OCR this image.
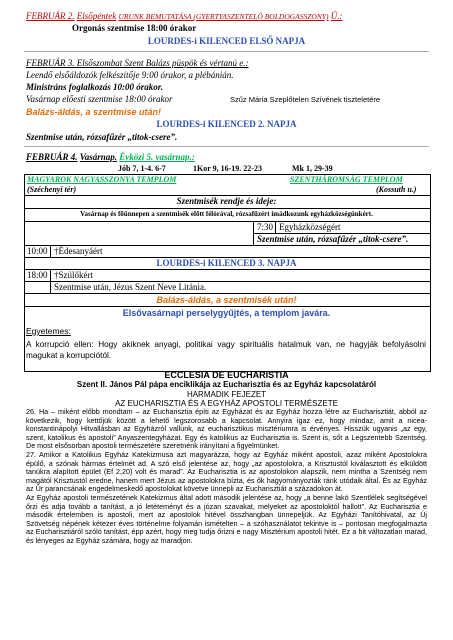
FEBRUÁR 2. Elsőpéntek URUNK BEMUTATÁSA (GYERTYASZENTELŐ BOLDOGASSZONY) Ü.:
Orgonás szentmise 18:00 órakor
LOURDES-i KILENCED ELSŐ NAPJA
FEBRUÁR 3. Elsőszombat Szent Balázs püspök és vértanú e.:
Leendő elsőáldozók felkészítője 9:00 órakor, a plébánián.
Ministráns foglalkozás 10:00 órakor.
Vasárnap előesti szentmise 18:00 órakor	Szűz Mária Szeplőtelen Szívének tiszteletére
Balázs-áldás, a szentmise után!
LOURDES-i KILENCED 2. NAPJA
Szentmise után, rózsafűzér „titok-csere”.
FEBRUÁR 4. Vasárnap. Évközi 5. vasárnap.:
Jób 7, 1-4. 6-7	1Kor 9, 16-19. 22-23	Mk 1, 29-39
MAGYAROK NAGYASSZONYA TEMPLOM	SZENTHÁROMSÁG TEMPLOM
(Széchenyi tér)	(Kossuth u.)
Szentmisék rendje és ideje:
Vasárnap és főünnepen a szentmisék előtt félórával, rózsafűzért imádkozunk egyházközségünkért.
7:30 Egyházközségért
Szentmise után, rózsafűzér „titok-csere”.
10:00 †Édesanyáért
LOURDES-i KILENCED 3. NAPJA
18:00 †Szülőkért
Szentmise után, Jézus Szent Neve Litánia.
Balázs-áldás, a szentmisék után!
Elsővasárnapi perselygyűjtés, a templom javára.
Egyetemes:
A korrupció ellen: Hogy akiknek anyagi, politikai vagy spirituális hatalmuk van, ne hagyják befolyásolni magukat a korrupciótól.
ECCLESIA DE EUCHARISTIA
Szent II. János Pál pápa enciklikája az Eucharisztia és az Egyház kapcsolatáról
HARMADIK FEJEZET
AZ EUCHARISZTIA ÉS A EGYHÁZ APOSTOLI TERMÉSZETE

26. Ha – miként előbb mondtam – az Eucharisztia építi az Egyházat és az Egyház hozza létre az Eucharisztiát, abból az következik, hogy kettőjük között a lehető legszorosabb a kapcsolat. Annyira igaz ez, hogy mindaz, amit a nicea-konstantinápolyi Hitvallásban az Egyházról vallunk, az eucharisztikus misztériumra is érvényes. Hisszük ugyanis „az egy, szent, katolikus és apostoli” Anyaszentegyházat. Egy és katolikus az Eucharisztia is. Szent is, sőt a Legszentebb Szentség. De most elsősorban apostoli természetére szeretnénk irányítani a figyelmünket.

27. Amikor a Katolikus Egyház Katekizmusa azt magyarázza, hogy az Egyház miként apostoli, azaz miként Apostolokra épülő, a szónak hármas értelmét ad. A szó első jelentése az, hogy „az apostolokra, a Krisztustól kiválasztott és elküldött tanúkra alapított épület (Ef 2,20) volt és marad”. Az Eucharisztia is az apostolokon alapszik, nem mintha a Szentség nem magától Krisztustól eredne, hanem mert Jézus az apostolokra bízta, és ők hagyományozták ránk utódaik által. És az Egyház az Úr parancsának engedelmeskedő apostolokat követve ünnepli az Eucharisztiát a századokon át.

Az Egyház apostoli természetének Katekizmus által adott második jelentése az, hogy „a benne lakó Szentlélek segítségével őrzi és adja tovább a tanítást, a jó letéteményt és a józan szavakat, melyeket az apostoloktól hallott”. Az Eucharisztia e második értelemben is apostoli, mert az apostolok hitével összhangban ünnepeljük. Az Egyházi Tanítóhivatal, az Új Szövetség népének kétezer éves történelme folyamán ismételten – a szóhasználatot tekintve is – pontosan megfogalmazta az Eucharisztiáról szóló tanítást, épp azért, hogy meg tudja őrizni e nagy Misztérium apostoli hitét. Ez a hit változatlan marad, és lényeges az Egyház számára, hogy az maradjon.
